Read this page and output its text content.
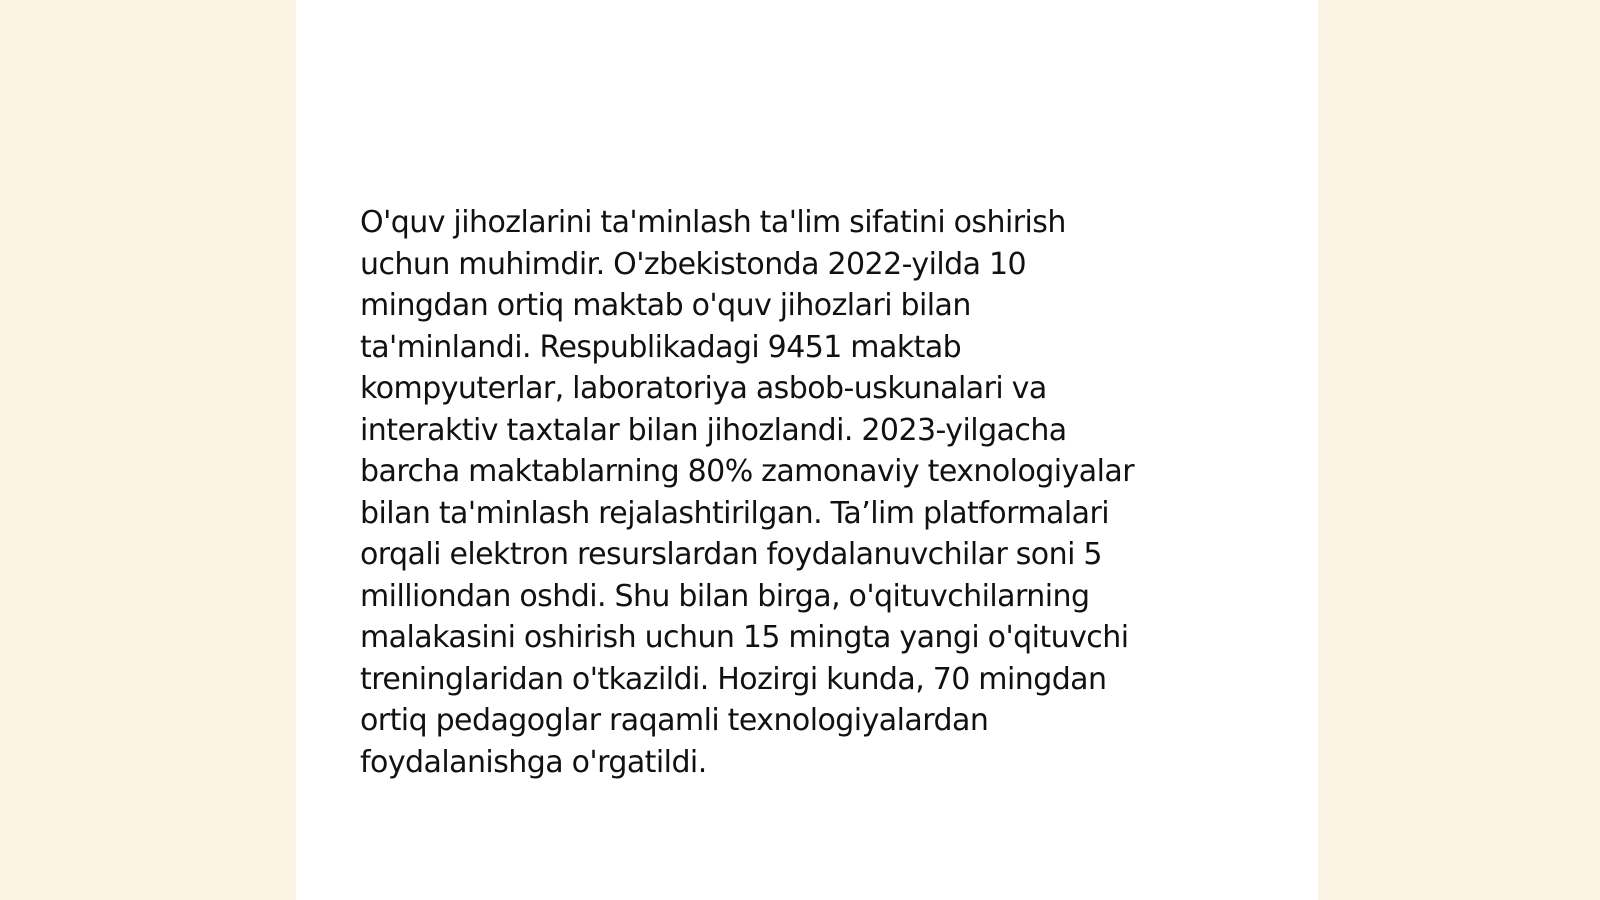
O'quv jihozlarini ta'minlash ta'lim sifatini oshirish
uchun muhimdir. O'zbekistonda 2022-yilda 10
mingdan ortiq maktab o'quv jihozlari bilan
ta'minlandi. Respublikadagi 9451 maktab
kompyuterlar, laboratoriya asbob-uskunalari va
interaktiv taxtalar bilan jihozlandi. 2023-yilgacha
barcha maktablarning 80% zamonaviy texnologiyalar
bilan ta'minlash rejalashtirilgan. Ta’lim platformalari
orqali elektron resurslardan foydalanuvchilar soni 5
milliondan oshdi. Shu bilan birga, o'qituvchilarning
malakasini oshirish uchun 15 mingta yangi o'qituvchi
treninglaridan o'tkazildi. Hozirgi kunda, 70 mingdan
ortiq pedagoglar raqamli texnologiyalardan
foydalanishga o'rgatildi.
